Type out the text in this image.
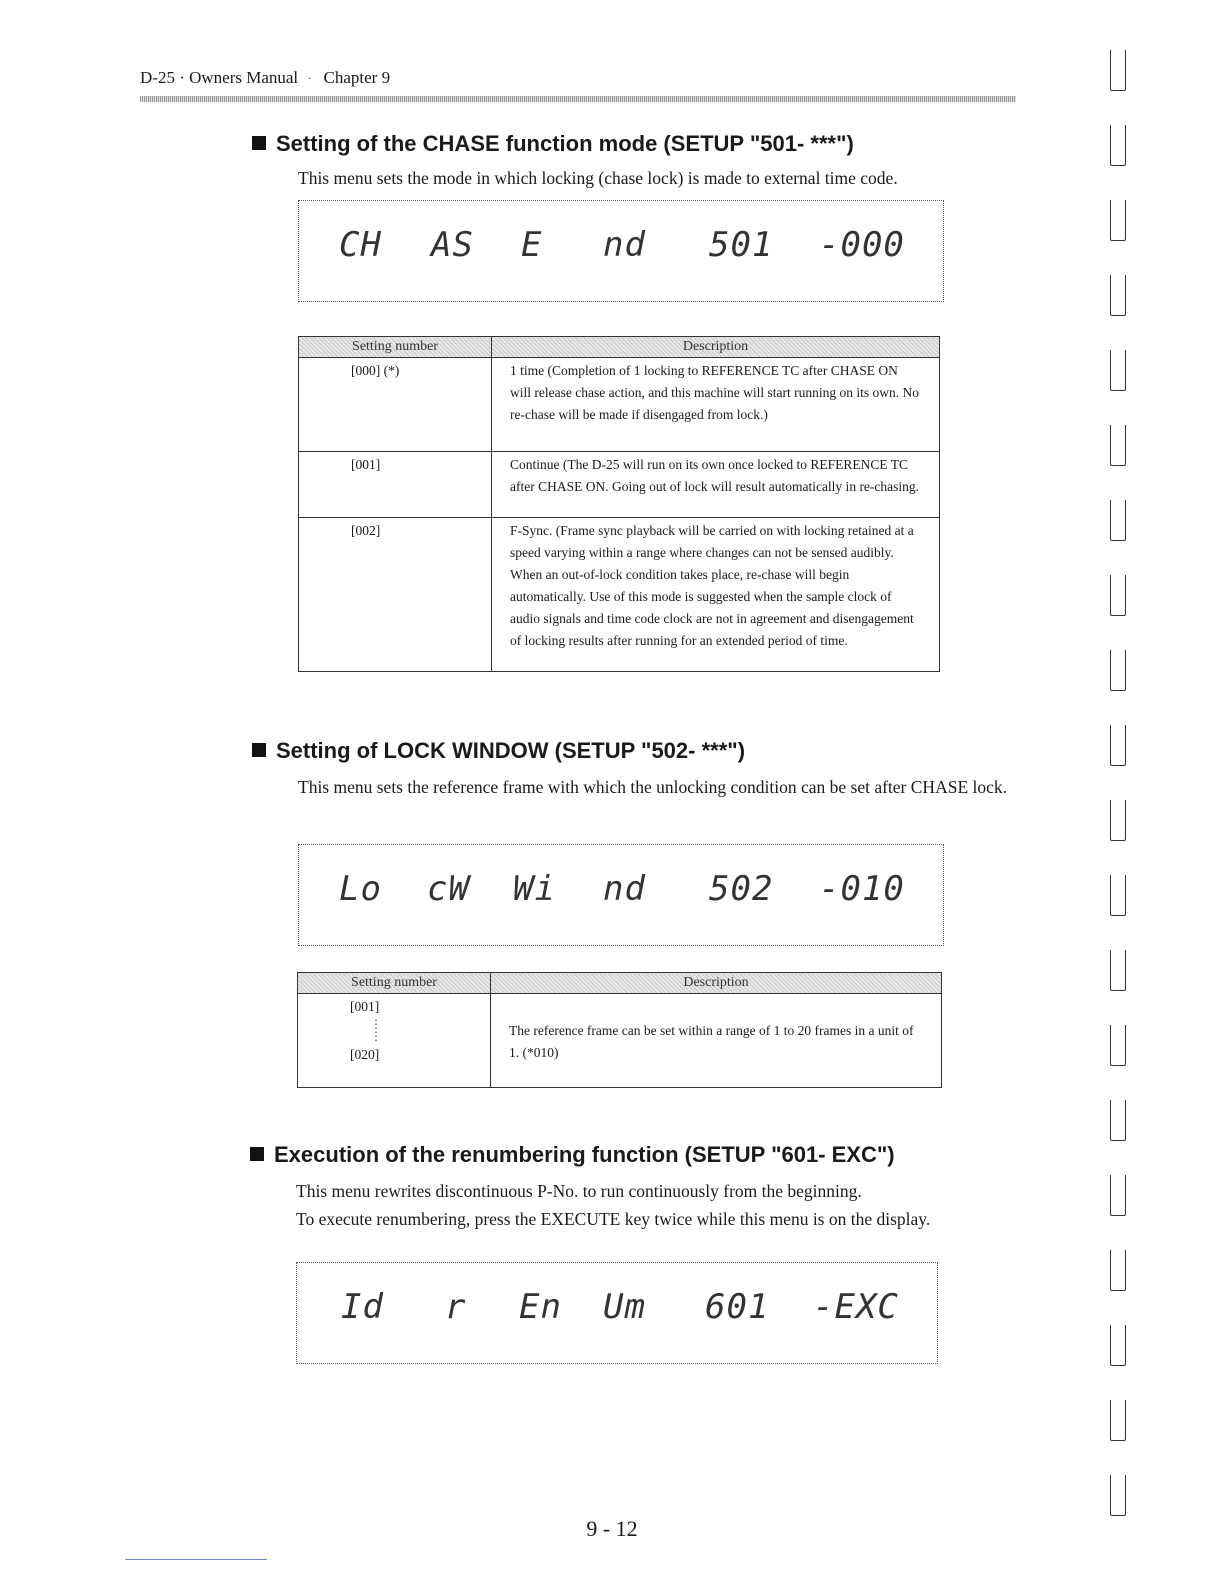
D-25 · Owners Manual · Chapter 9
Setting of the CHASE function mode (SETUP "501- ***")
This menu sets the mode in which locking (chase lock) is made to external time code.
CH AS E nd 501 -000
Setting number	Description

[000] (*)	1 time (Completion of 1 locking to REFERENCE TC after CHASE ON will release chase action, and this machine will start running on its own. No re-chase will be made if disengaged from lock.)

[001]	Continue (The D-25 will run on its own once locked to REFERENCE TC after CHASE ON. Going out of lock will result automatically in re-chasing.

[002]	F-Sync. (Frame sync playback will be carried on with locking retained at a speed varying within a range where changes can not be sensed audibly. When an out-of-lock condition takes place, re-chase will begin automatically. Use of this mode is suggested when the sample clock of audio signals and time code clock are not in agreement and disengagement of locking results after running for an extended period of time.
Setting of LOCK WINDOW (SETUP "502- ***")
This menu sets the reference frame with which the unlocking condition can be set after CHASE lock.
Lo cW Wi nd 502 -010
Setting number	Description

[001]
⋮
⋮
[020]	The reference frame can be set within a range of 1 to 20 frames in a unit of 1. (*010)
Execution of the renumbering function (SETUP "601- EXC")
This menu rewrites discontinuous P-No. to run continuously from the beginning.
To execute renumbering, press the EXECUTE key twice while this menu is on the display.
Id r En Um 601 -EXC
9 - 12
